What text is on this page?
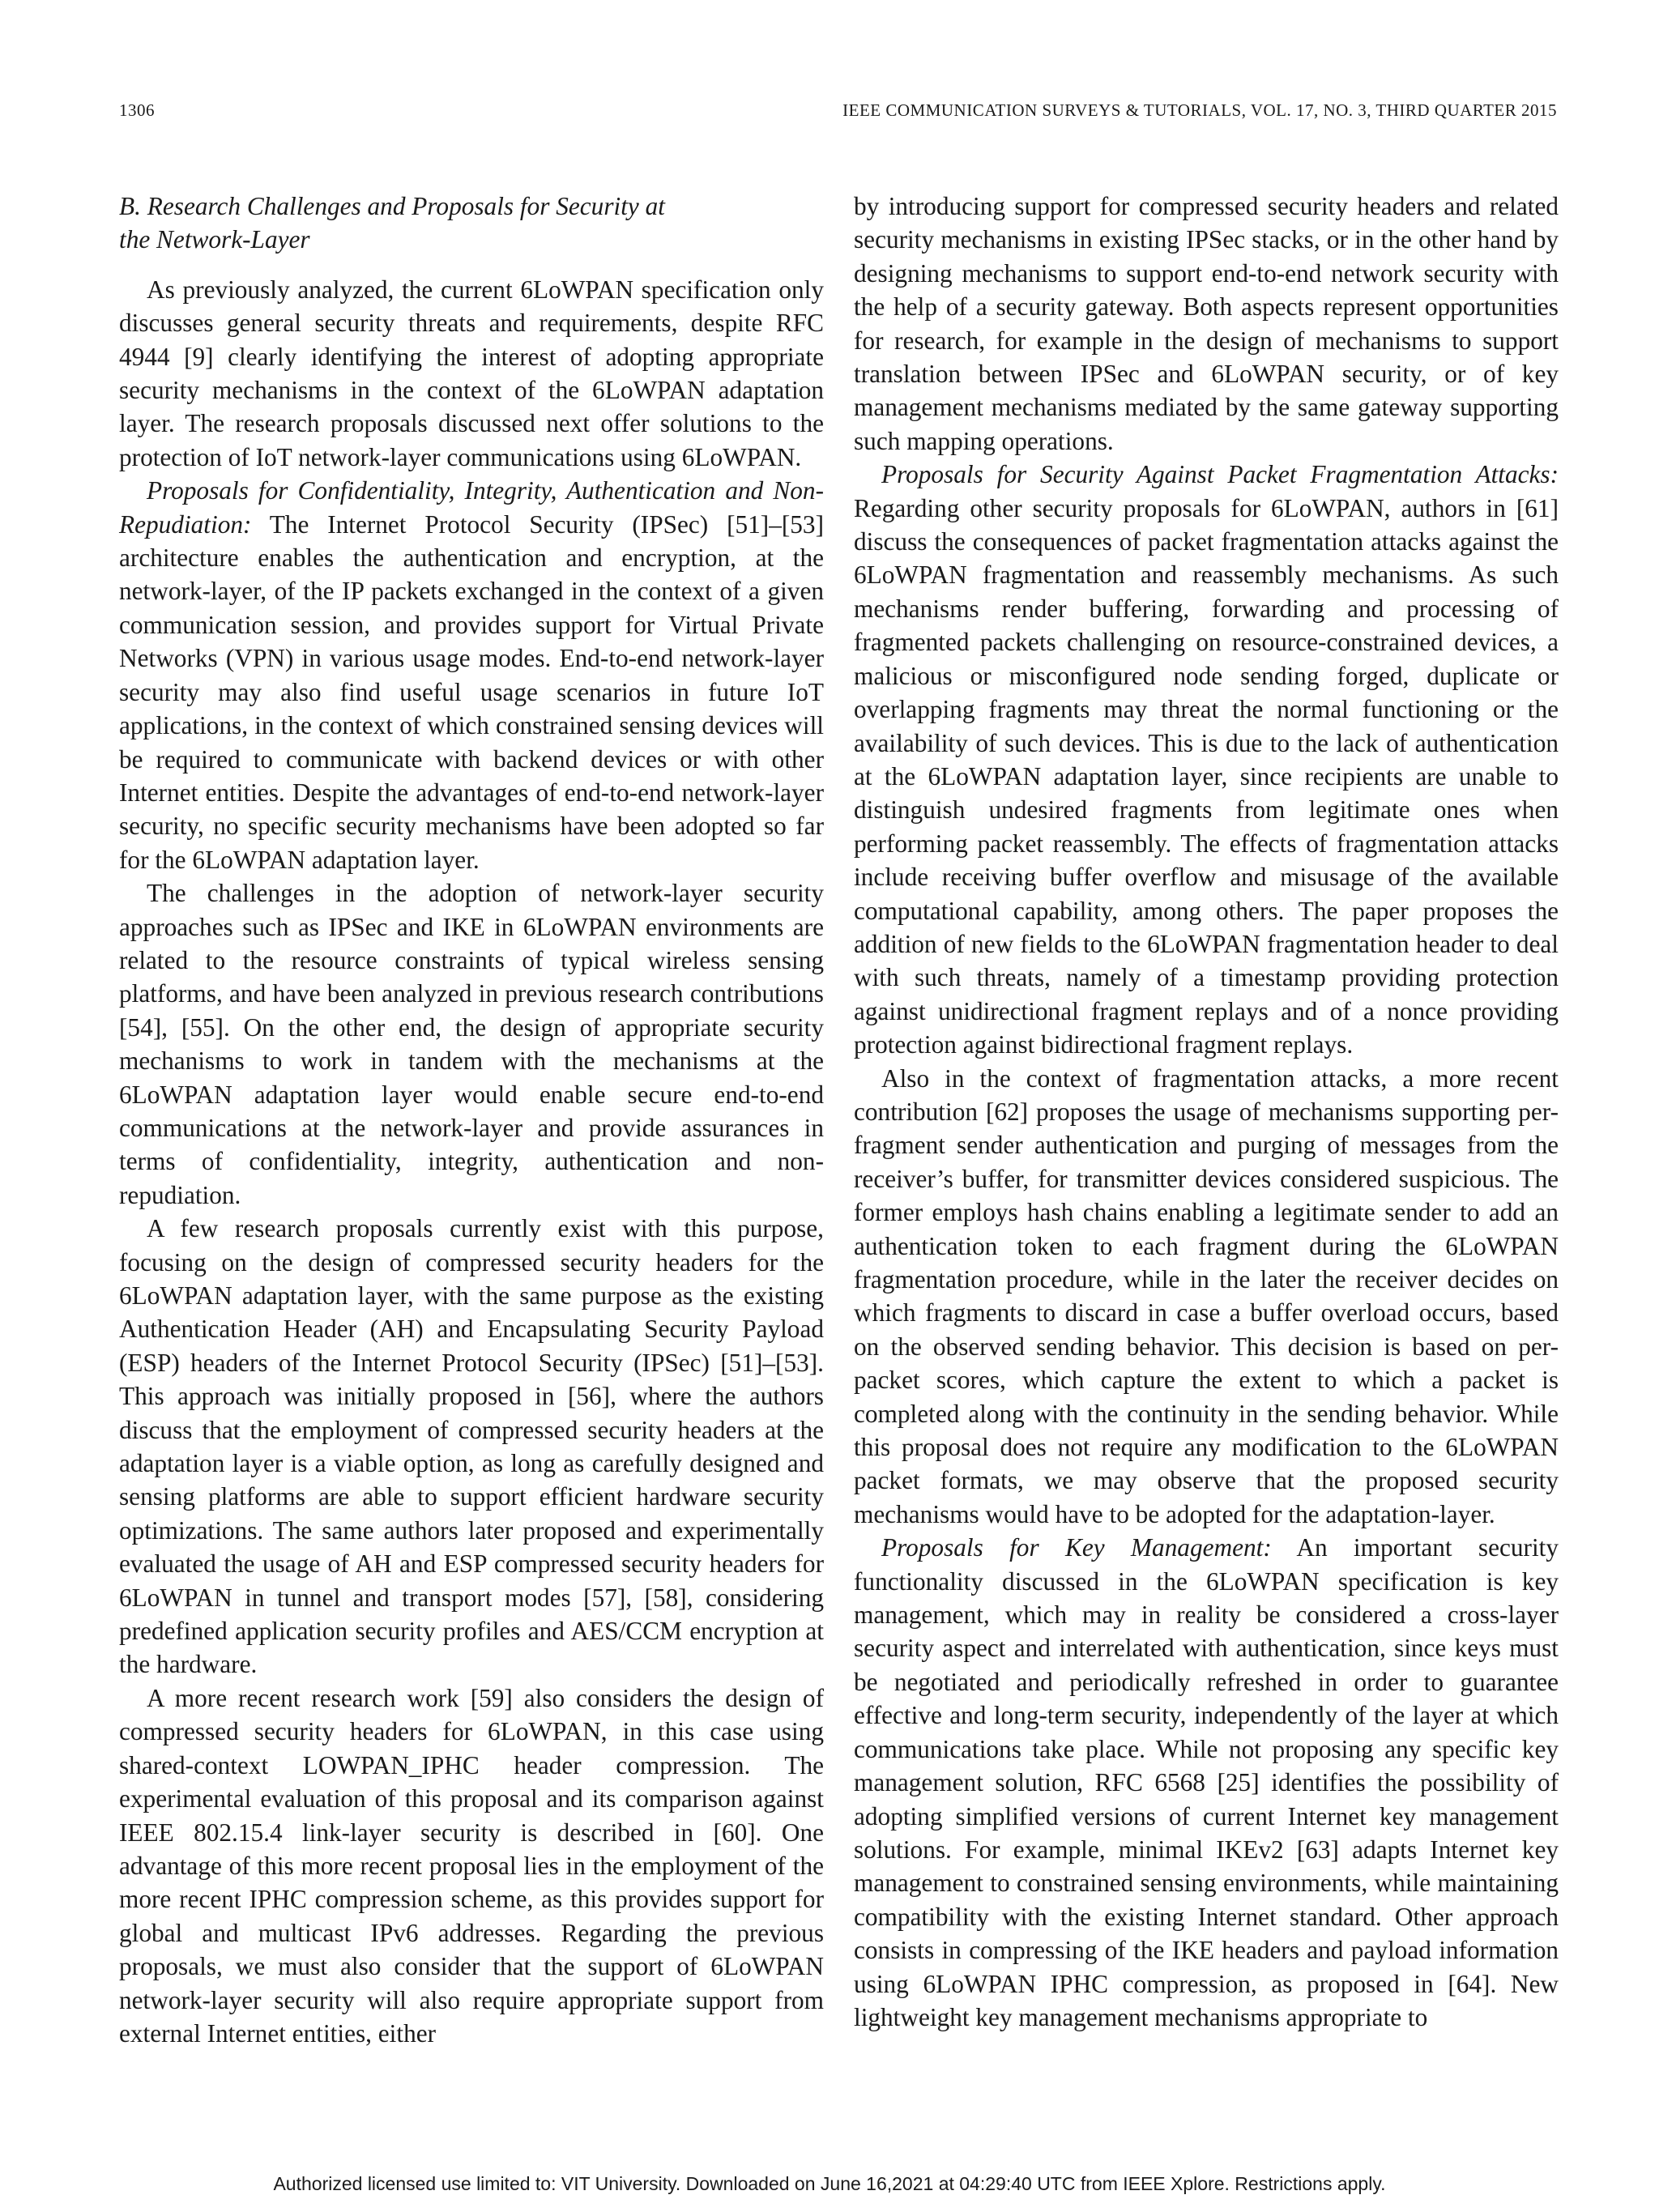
1306	IEEE COMMUNICATION SURVEYS & TUTORIALS, VOL. 17, NO. 3, THIRD QUARTER 2015
B. Research Challenges and Proposals for Security at
the Network-Layer

As previously analyzed, the current 6LoWPAN specification only discusses general security threats and requirements, despite RFC 4944 [9] clearly identifying the interest of adopting appropriate security mechanisms in the context of the 6LoWPAN adaptation layer. The research proposals discussed next offer solutions to the protection of IoT network-layer communications using 6LoWPAN.

Proposals for Confidentiality, Integrity, Authentication and Non-Repudiation: The Internet Protocol Security (IPSec) [51]–[53] architecture enables the authentication and encryption, at the network-layer, of the IP packets exchanged in the context of a given communication session, and provides support for Virtual Private Networks (VPN) in various usage modes. End-to-end network-layer security may also find useful usage scenarios in future IoT applications, in the context of which constrained sensing devices will be required to communicate with backend devices or with other Internet entities. Despite the advantages of end-to-end network-layer security, no specific security mechanisms have been adopted so far for the 6LoWPAN adaptation layer.

The challenges in the adoption of network-layer security approaches such as IPSec and IKE in 6LoWPAN environments are related to the resource constraints of typical wireless sensing platforms, and have been analyzed in previous research contributions [54], [55]. On the other end, the design of appropriate security mechanisms to work in tandem with the mechanisms at the 6LoWPAN adaptation layer would enable secure end-to-end communications at the network-layer and provide assurances in terms of confidentiality, integrity, authentication and non-repudiation.

A few research proposals currently exist with this purpose, focusing on the design of compressed security headers for the 6LoWPAN adaptation layer, with the same purpose as the existing Authentication Header (AH) and Encapsulating Security Payload (ESP) headers of the Internet Protocol Security (IPSec) [51]–[53]. This approach was initially proposed in [56], where the authors discuss that the employment of compressed security headers at the adaptation layer is a viable option, as long as carefully designed and sensing platforms are able to support efficient hardware security optimizations. The same authors later proposed and experimentally evaluated the usage of AH and ESP compressed security headers for 6LoWPAN in tunnel and transport modes [57], [58], considering predefined application security profiles and AES/CCM encryption at the hardware.

A more recent research work [59] also considers the design of compressed security headers for 6LoWPAN, in this case using shared-context LOWPAN_IPHC header compression. The experimental evaluation of this proposal and its comparison against IEEE 802.15.4 link-layer security is described in [60]. One advantage of this more recent proposal lies in the employment of the more recent IPHC compression scheme, as this provides support for global and multicast IPv6 addresses. Regarding the previous proposals, we must also consider that the support of 6LoWPAN network-layer security will also require appropriate support from external Internet entities, either

by introducing support for compressed security headers and related security mechanisms in existing IPSec stacks, or in the other hand by designing mechanisms to support end-to-end network security with the help of a security gateway. Both aspects represent opportunities for research, for example in the design of mechanisms to support translation between IPSec and 6LoWPAN security, or of key management mechanisms mediated by the same gateway supporting such mapping operations.

Proposals for Security Against Packet Fragmentation Attacks: Regarding other security proposals for 6LoWPAN, authors in [61] discuss the consequences of packet fragmentation attacks against the 6LoWPAN fragmentation and reassembly mechanisms. As such mechanisms render buffering, forwarding and processing of fragmented packets challenging on resource-constrained devices, a malicious or misconfigured node sending forged, duplicate or overlapping fragments may threat the normal functioning or the availability of such devices. This is due to the lack of authentication at the 6LoWPAN adaptation layer, since recipients are unable to distinguish undesired fragments from legitimate ones when performing packet reassembly. The effects of fragmentation attacks include receiving buffer overflow and misusage of the available computational capability, among others. The paper proposes the addition of new fields to the 6LoWPAN fragmentation header to deal with such threats, namely of a timestamp providing protection against unidirectional fragment replays and of a nonce providing protection against bidirectional fragment replays.

Also in the context of fragmentation attacks, a more recent contribution [62] proposes the usage of mechanisms supporting per-fragment sender authentication and purging of messages from the receiver’s buffer, for transmitter devices considered suspicious. The former employs hash chains enabling a legitimate sender to add an authentication token to each fragment during the 6LoWPAN fragmentation procedure, while in the later the receiver decides on which fragments to discard in case a buffer overload occurs, based on the observed sending behavior. This decision is based on per-packet scores, which capture the extent to which a packet is completed along with the continuity in the sending behavior. While this proposal does not require any modification to the 6LoWPAN packet formats, we may observe that the proposed security mechanisms would have to be adopted for the adaptation-layer.

Proposals for Key Management: An important security functionality discussed in the 6LoWPAN specification is key management, which may in reality be considered a cross-layer security aspect and interrelated with authentication, since keys must be negotiated and periodically refreshed in order to guarantee effective and long-term security, independently of the layer at which communications take place. While not proposing any specific key management solution, RFC 6568 [25] identifies the possibility of adopting simplified versions of current Internet key management solutions. For example, minimal IKEv2 [63] adapts Internet key management to constrained sensing environments, while maintaining compatibility with the existing Internet standard. Other approach consists in compressing of the IKE headers and payload information using 6LoWPAN IPHC compression, as proposed in [64]. New lightweight key management mechanisms appropriate to

Authorized licensed use limited to: VIT University. Downloaded on June 16,2021 at 04:29:40 UTC from IEEE Xplore. Restrictions apply.
